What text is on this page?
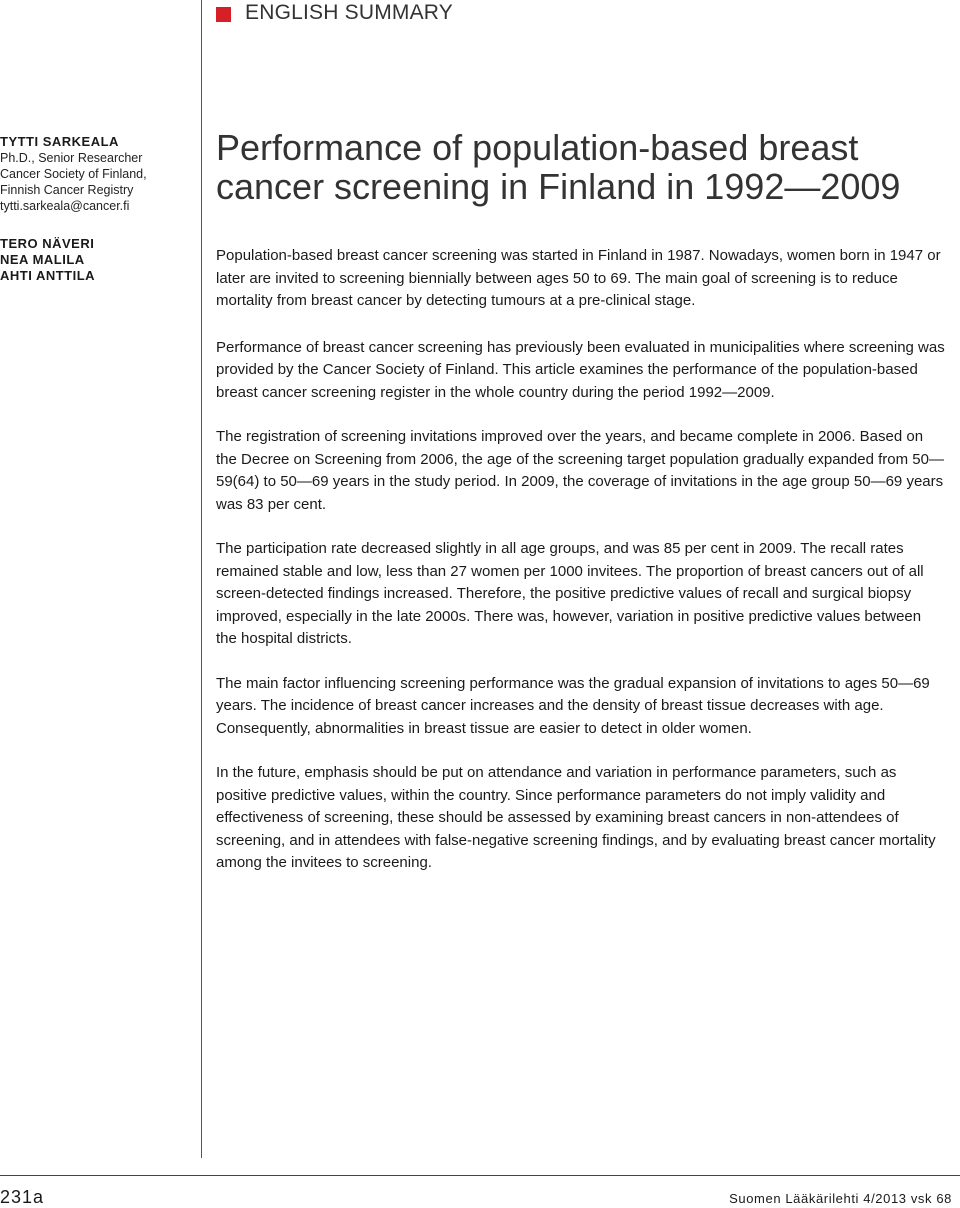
ENGLISH SUMMARY
TYTTI SARKEALA
Ph.D., Senior Researcher
Cancer Society of Finland,
Finnish Cancer Registry
tytti.sarkeala@cancer.fi
TERO NÄVERI
NEA MALILA
AHTI ANTTILA
Performance of population-based breast
cancer screening in Finland in 1992—2009

Population-based breast cancer screening was started in Finland in 1987. Nowadays, women born in 1947 or later are invited to screening biennially between ages 50 to 69. The main goal of screening is to reduce mortality from breast cancer by detecting tumours at a pre-clinical stage.

Performance of breast cancer screening has previously been evaluated in municipalities where screening was provided by the Cancer Society of Finland. This article examines the performance of the population-based breast cancer screening register in the whole country during the period 1992—2009.

The registration of screening invitations improved over the years, and became complete in 2006. Based on the Decree on Screening from 2006, the age of the screening target population gradually expanded from 50—59(64) to 50—69 years in the study period. In 2009, the coverage of invitations in the age group 50—69 years was 83 per cent.

The participation rate decreased slightly in all age groups, and was 85 per cent in 2009. The recall rates remained stable and low, less than 27 women per 1000 invitees. The proportion of breast cancers out of all screen-detected findings increased. Therefore, the positive predictive values of recall and surgical biopsy improved, especially in the late 2000s. There was, however, variation in positive predictive values between the hospital districts.

The main factor influencing screening performance was the gradual expansion of invitations to ages 50—69 years. The incidence of breast cancer increases and the density of breast tissue decreases with age. Consequently, abnormalities in breast tissue are easier to detect in older women.

In the future, emphasis should be put on attendance and variation in performance parameters, such as positive predictive values, within the country. Since performance parameters do not imply validity and effectiveness of screening, these should be assessed by examining breast cancers in non-attendees of screening, and in attendees with false-negative screening findings, and by evaluating breast cancer mortality among the invitees to screening.

231a	Suomen Lääkärilehti 4/2013 vsk 68
